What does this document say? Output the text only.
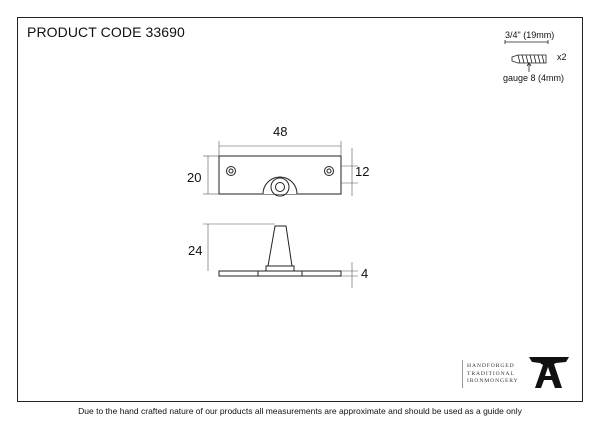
PRODUCT CODE 33690	3/4" (19mm)
x2
gauge 8 (4mm)
48
20	12
24
4
HANDFORGED
TRADITIONAL
IRONMONGERY
Due to the hand crafted nature of our products all measurements are approximate and should be used as a guide only
